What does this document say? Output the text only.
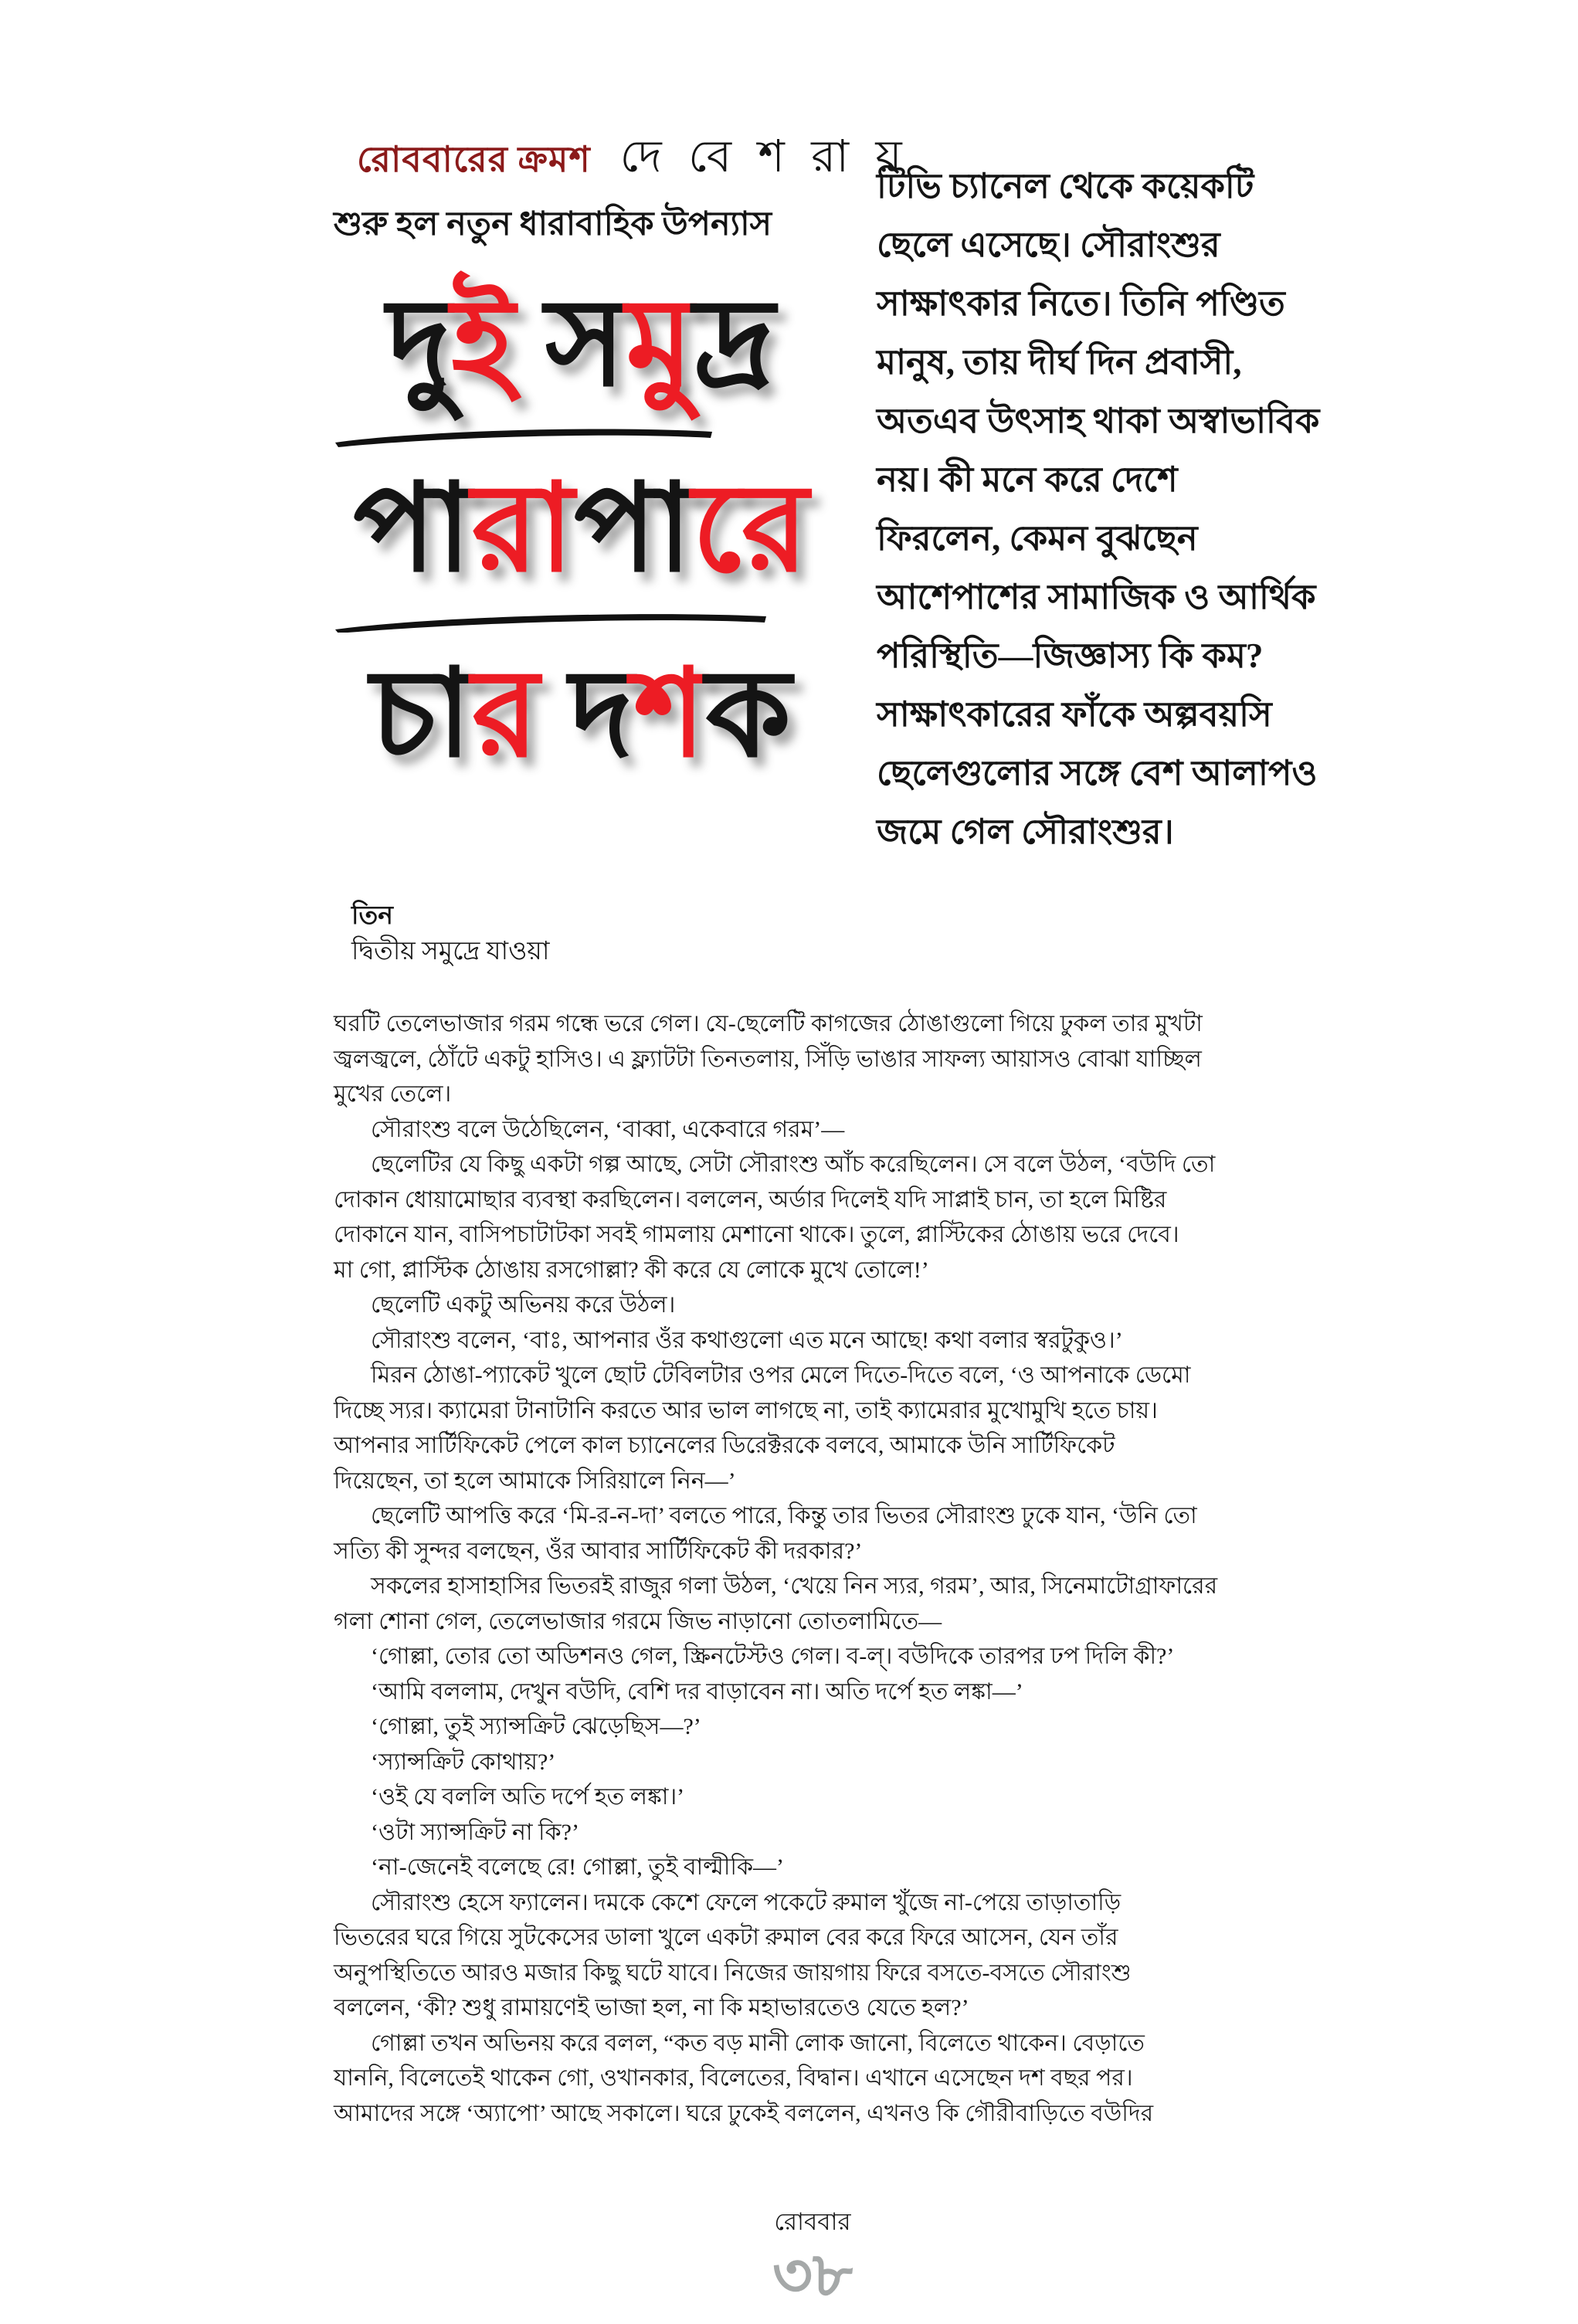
রোববারের ক্রমশ দে বে শ রা য়
শুরু হল নতুন ধারাবাহিক উপন্যাস
দুই সমুদ্র
পারাপারে
চার দশক
টিভি চ্যানেল থেকে কয়েকটি
ছেলে এসেছে। সৌরাংশুর
সাক্ষাৎকার নিতে। তিনি পণ্ডিত
মানুষ, তায় দীর্ঘ দিন প্রবাসী,
অতএব উৎসাহ থাকা অস্বাভাবিক
নয়। কী মনে করে দেশে
ফিরলেন, কেমন বুঝছেন
আশেপাশের সামাজিক ও আর্থিক
পরিস্থিতি—জিজ্ঞাস্য কি কম?
সাক্ষাৎকারের ফাঁকে অল্পবয়সি
ছেলেগুলোর সঙ্গে বেশ আলাপও
জমে গেল সৌরাংশুর।
তিন
দ্বিতীয় সমুদ্রে যাওয়া
ঘরটি তেলেভাজার গরম গন্ধে ভরে গেল। যে-ছেলেটি কাগজের ঠোঙাগুলো গিয়ে ঢুকল তার মুখটা
জ্বলজ্বলে, ঠোঁটে একটু হাসিও। এ ফ্ল্যাটটা তিনতলায়, সিঁড়ি ভাঙার সাফল্য আয়াসও বোঝা যাচ্ছিল
মুখের তেলে।
সৌরাংশু বলে উঠেছিলেন, ‘বাব্বা, একেবারে গরম’—
ছেলেটির যে কিছু একটা গল্প আছে, সেটা সৌরাংশু আঁচ করেছিলেন। সে বলে উঠল, ‘বউদি তো
দোকান ধোয়ামোছার ব্যবস্থা করছিলেন। বললেন, অর্ডার দিলেই যদি সাপ্লাই চান, তা হলে মিষ্টির
দোকানে যান, বাসিপচাটাটকা সবই গামলায় মেশানো থাকে। তুলে, প্লাস্টিকের ঠোঙায় ভরে দেবে।
মা গো, প্লাস্টিক ঠোঙায় রসগোল্লা? কী করে যে লোকে মুখে তোলে!’
ছেলেটি একটু অভিনয় করে উঠল।
সৌরাংশু বলেন, ‘বাঃ, আপনার ওঁর কথাগুলো এত মনে আছে! কথা বলার স্বরটুকুও।’
মিরন ঠোঙা-প্যাকেট খুলে ছোট টেবিলটার ওপর মেলে দিতে-দিতে বলে, ‘ও আপনাকে ডেমো
দিচ্ছে স্যর। ক্যামেরা টানাটানি করতে আর ভাল লাগছে না, তাই ক্যামেরার মুখোমুখি হতে চায়।
আপনার সার্টিফিকেট পেলে কাল চ্যানেলের ডিরেক্টরকে বলবে, আমাকে উনি সার্টিফিকেট
দিয়েছেন, তা হলে আমাকে সিরিয়ালে নিন—’
ছেলেটি আপত্তি করে ‘মি-র-ন-দা’ বলতে পারে, কিন্তু তার ভিতর সৌরাংশু ঢুকে যান, ‘উনি তো
সত্যি কী সুন্দর বলছেন, ওঁর আবার সার্টিফিকেট কী দরকার?’
সকলের হাসাহাসির ভিতরই রাজুর গলা উঠল, ‘খেয়ে নিন স্যর, গরম’, আর, সিনেমাটোগ্রাফারের
গলা শোনা গেল, তেলেভাজার গরমে জিভ নাড়ানো তোতলামিতে—
‘গোল্লা, তোর তো অডিশনও গেল, স্ক্রিনটেস্টও গেল। ব-ল্‌। বউদিকে তারপর ঢপ দিলি কী?’
‘আমি বললাম, দেখুন বউদি, বেশি দর বাড়াবেন না। অতি দর্পে হত লঙ্কা—’
‘গোল্লা, তুই স্যান্সক্রিট ঝেড়েছিস—?’
‘স্যান্সক্রিট কোথায়?’
‘ওই যে বললি অতি দর্পে হত লঙ্কা।’
‘ওটা স্যান্সক্রিট না কি?’
‘না-জেনেই বলেছে রে! গোল্লা, তুই বাল্মীকি—’
সৌরাংশু হেসে ফ্যালেন। দমকে কেশে ফেলে পকেটে রুমাল খুঁজে না-পেয়ে তাড়াতাড়ি
ভিতরের ঘরে গিয়ে সুটকেসের ডালা খুলে একটা রুমাল বের করে ফিরে আসেন, যেন তাঁর
অনুপস্থিতিতে আরও মজার কিছু ঘটে যাবে। নিজের জায়গায় ফিরে বসতে-বসতে সৌরাংশু
বললেন, ‘কী? শুধু রামায়ণেই ভাজা হল, না কি মহাভারতেও যেতে হল?’
গোল্লা তখন অভিনয় করে বলল, “কত বড় মানী লোক জানো, বিলেতে থাকেন। বেড়াতে
যাননি, বিলেতেই থাকেন গো, ওখানকার, বিলেতের, বিদ্বান। এখানে এসেছেন দশ বছর পর।
আমাদের সঙ্গে ‘অ্যাপো’ আছে সকালে। ঘরে ঢুকেই বললেন, এখনও কি গৌরীবাড়িতে বউদির
রোববার
৩৮
